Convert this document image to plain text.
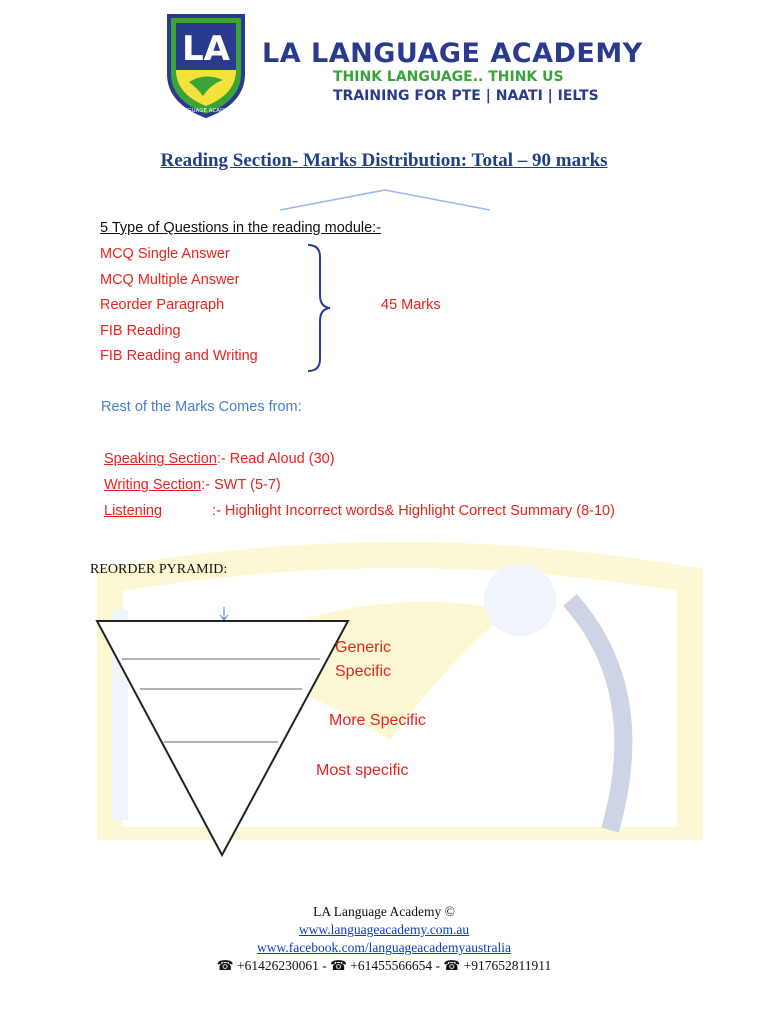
LA
LANGUAGE ACADEMY
LA LANGUAGE ACADEMY
THINK LANGUAGE.. THINK US
TRAINING FOR PTE | NAATI | IELTS
Reading Section- Marks Distribution: Total – 90 marks
5 Type of Questions in the reading module:-
MCQ Single Answer
MCQ Multiple Answer
Reorder Paragraph
FIB Reading
FIB Reading and Writing
45 Marks
Rest of the Marks Comes from:
Speaking Section:- Read Aloud (30)
Writing Section:- SWT (5-7)
Listening	:- Highlight Incorrect words& Highlight Correct Summary (8-10)
REORDER PYRAMID:
Generic
Specific
More Specific
Most specific
LA Language Academy ©
www.languageacademy.com.au
www.facebook.com/languageacademyaustralia
☎ +61426230061 - ☎ +61455566654 - ☎ +917652811911
